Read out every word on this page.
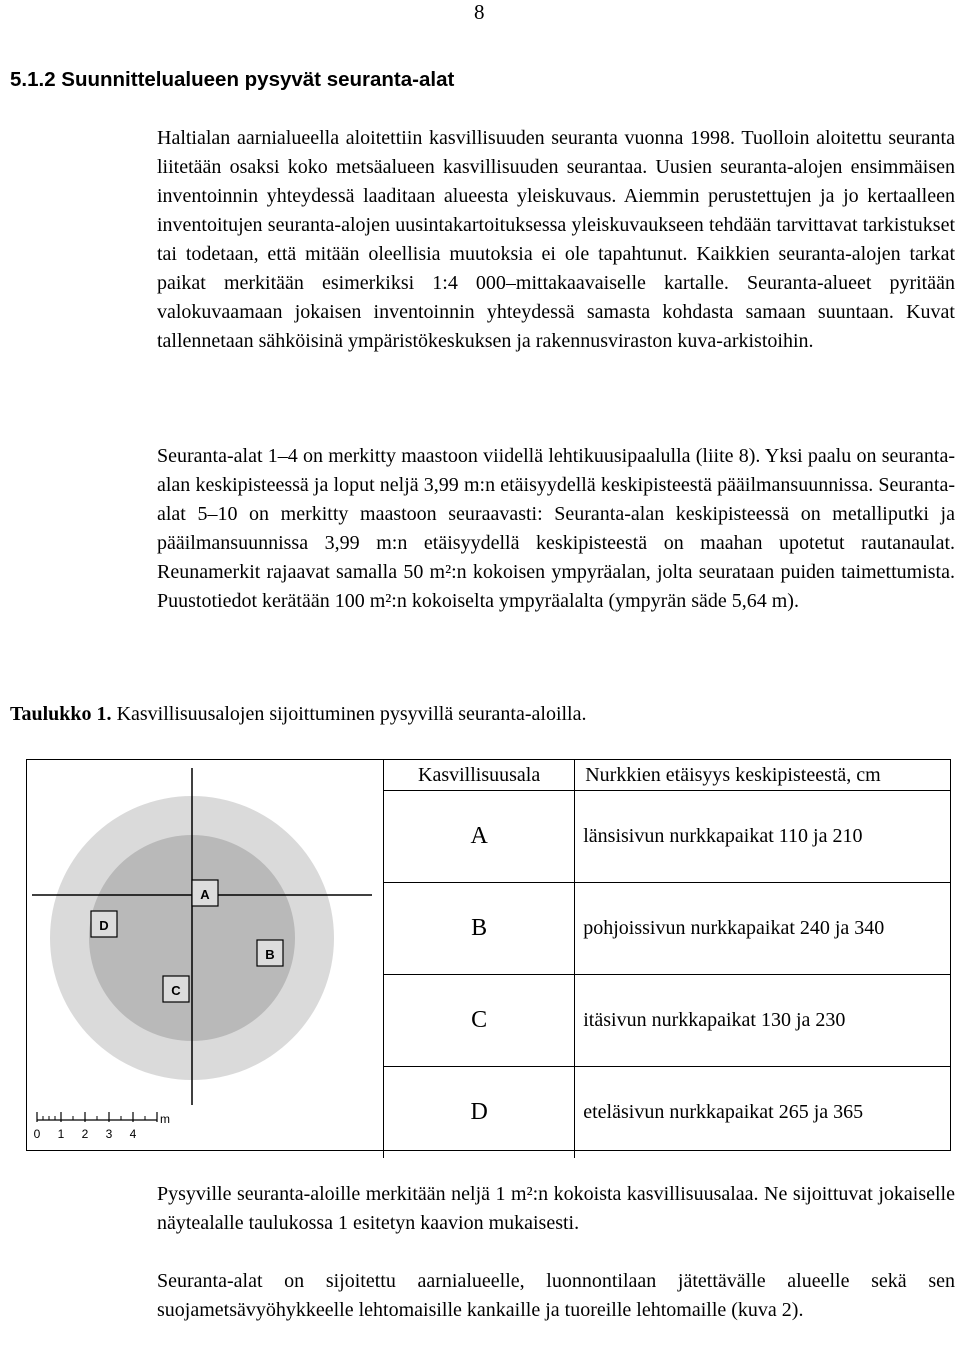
8
5.1.2 Suunnittelualueen pysyvät seuranta-alat

Haltialan aarnialueella aloitettiin kasvillisuuden seuranta vuonna 1998. Tuolloin aloitettu seuranta liitetään osaksi koko metsäalueen kasvillisuuden seurantaa. Uusien seuranta-alojen ensimmäisen inventoinnin yhteydessä laaditaan alueesta yleiskuvaus. Aiemmin perustettujen ja jo kertaalleen inventoitujen seuranta-alojen uusintakartoituksessa yleiskuvaukseen tehdään tarvittavat tarkistukset tai todetaan, että mitään oleellisia muutoksia ei ole tapahtunut. Kaikkien seuranta-alojen tarkat paikat merkitään esimerkiksi 1:4 000–mittakaavaiselle kartalle. Seuranta-alueet pyritään valokuvaamaan jokaisen inventoinnin yhteydessä samasta kohdasta samaan suuntaan. Kuvat tallennetaan sähköisinä ympäristökeskuksen ja rakennusviraston kuva-arkistoihin.

Seuranta-alat 1–4 on merkitty maastoon viidellä lehtikuusipaalulla (liite 8). Yksi paalu on seuranta-alan keskipisteessä ja loput neljä 3,99 m:n etäisyydellä keskipisteestä pääilmansuunnissa. Seuranta-alat 5–10 on merkitty maastoon seuraavasti: Seuranta-alan keskipisteessä on metalliputki ja pääilmansuunnissa 3,99 m:n etäisyydellä keskipisteestä on maahan upotetut rautanaulat. Reunamerkit rajaavat samalla 50 m²:n kokoisen ympyräalan, jolta seurataan puiden taimettumista. Puustotiedot kerätään 100 m²:n kokoiselta ympyräalalta (ympyrän säde 5,64 m).

Taulukko 1. Kasvillisuusalojen sijoittuminen pysyvillä seuranta-aloilla.

A
B
C
D
m
0 1 2 3 4
Kasvillisuusala	Nurkkien etäisyys keskipisteestä, cm
A	länsisivun nurkkapaikat 110 ja 210
B	pohjoissivun nurkkapaikat 240 ja 340
C	itäsivun nurkkapaikat 130 ja 230
D	eteläsivun nurkkapaikat 265 ja 365

Pysyville seuranta-aloille merkitään neljä 1 m²:n kokoista kasvillisuusalaa. Ne sijoittuvat jokaiselle näytealalle taulukossa 1 esitetyn kaavion mukaisesti.

Seuranta-alat on sijoitettu aarnialueelle, luonnontilaan jätettävälle alueelle sekä sen suojametsävyöhykkeelle lehtomaisille kankaille ja tuoreille lehtomaille (kuva 2).
